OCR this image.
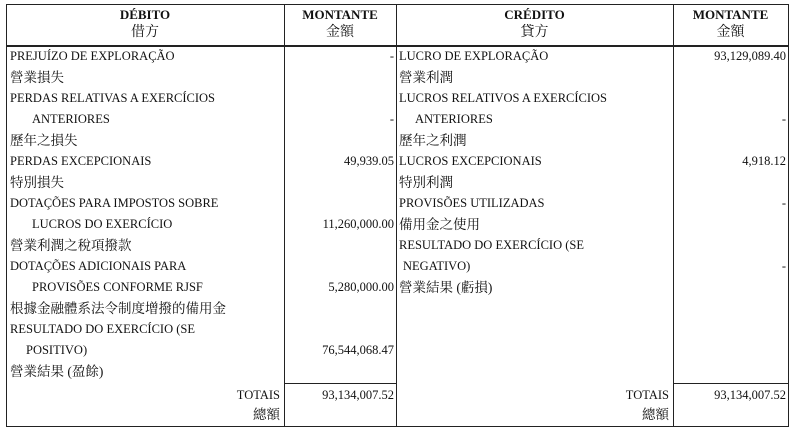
DÉBITO
借方
MONTANTE
金額
CRÉDITO
貸方
MONTANTE
金額
PREJUÍZO DE EXPLORAÇÃO
營業損失
PERDAS RELATIVAS A EXERCÍCIOS
ANTERIORES
歷年之損失
PERDAS EXCEPCIONAIS
特別損失
DOTAÇÕES PARA IMPOSTOS SOBRE
LUCROS DO EXERCÍCIO
營業利潤之稅項撥款
DOTAÇÕES ADICIONAIS PARA
PROVISÕES CONFORME RJSF
根據金融體系法令制度增撥的備用金
RESULTADO DO EXERCÍCIO (SE
POSITIVO)
營業結果 (盈餘)
-
-
49,939.05
11,260,000.00
5,280,000.00
76,544,068.47
LUCRO DE EXPLORAÇÃO
營業利潤
LUCROS RELATIVOS A EXERCÍCIOS
ANTERIORES
歷年之利潤
LUCROS EXCEPCIONAIS
特別利潤
PROVISÕES UTILIZADAS
備用金之使用
RESULTADO DO EXERCÍCIO (SE
NEGATIVO)
營業結果 (虧損)
93,129,089.40
-
4,918.12
-
-
TOTAIS
總額
93,134,007.52	TOTAIS
總額
93,134,007.52
